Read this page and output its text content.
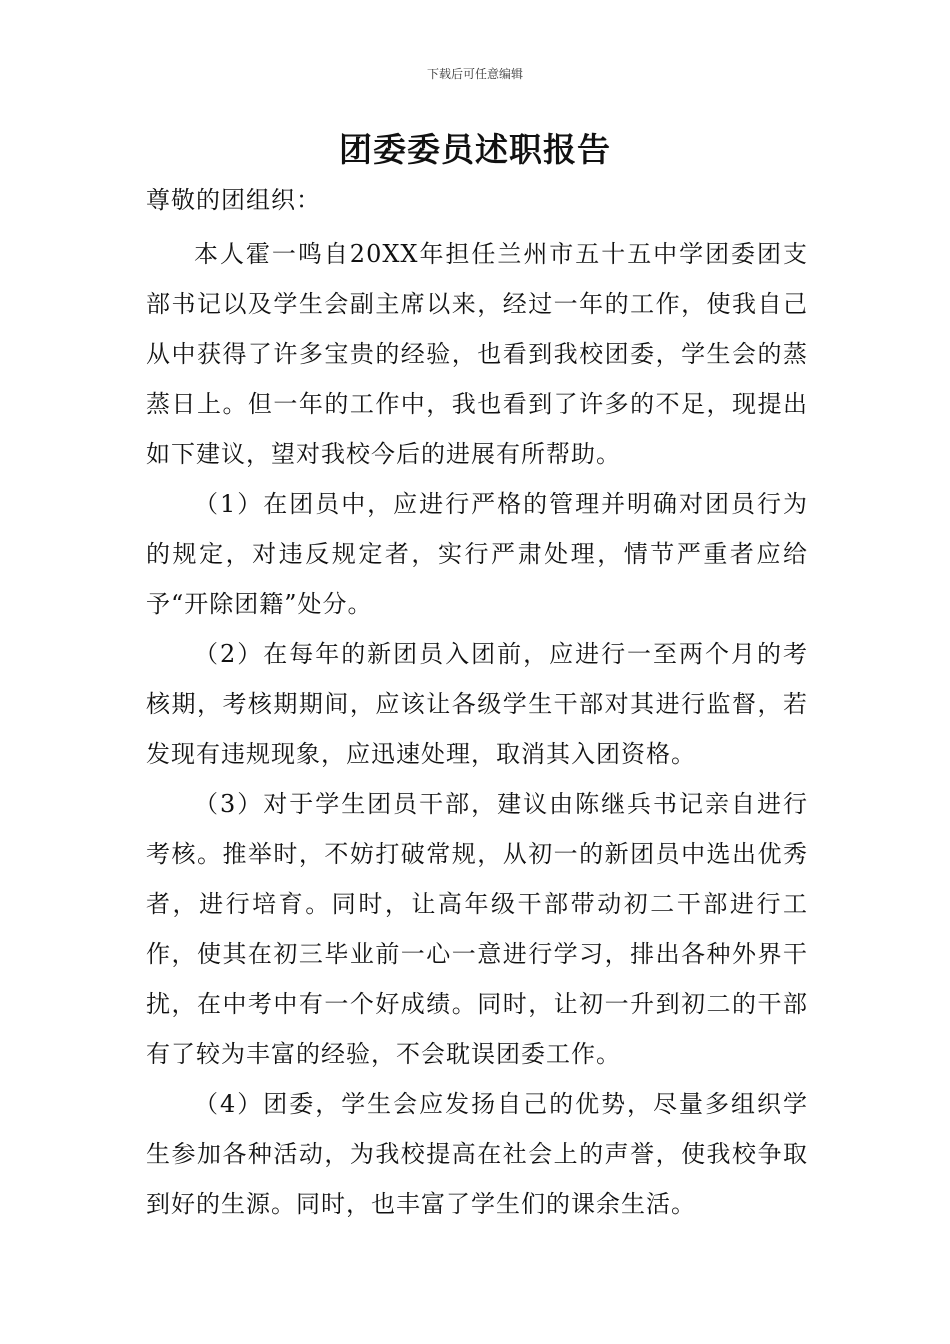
下载后可任意编辑
团委委员述职报告
尊敬的团组织：

本人霍一鸣自20XX年担任兰州市五十五中学团委团支部书记以及学生会副主席以来，经过一年的工作，使我自己从中获得了许多宝贵的经验，也看到我校团委，学生会的蒸蒸日上。但一年的工作中，我也看到了许多的不足，现提出如下建议，望对我校今后的进展有所帮助。

（1）在团员中，应进行严格的管理并明确对团员行为的规定，对违反规定者，实行严肃处理，情节严重者应给予“开除团籍”处分。

（2）在每年的新团员入团前，应进行一至两个月的考核期，考核期期间，应该让各级学生干部对其进行监督，若发现有违规现象，应迅速处理，取消其入团资格。

（3）对于学生团员干部，建议由陈继兵书记亲自进行考核。推举时，不妨打破常规，从初一的新团员中选出优秀者，进行培育。同时，让高年级干部带动初二干部进行工作，使其在初三毕业前一心一意进行学习，排出各种外界干扰，在中考中有一个好成绩。同时，让初一升到初二的干部有了较为丰富的经验，不会耽误团委工作。

（4）团委，学生会应发扬自己的优势，尽量多组织学生参加各种活动，为我校提高在社会上的声誉，使我校争取到好的生源。同时，也丰富了学生们的课余生活。
